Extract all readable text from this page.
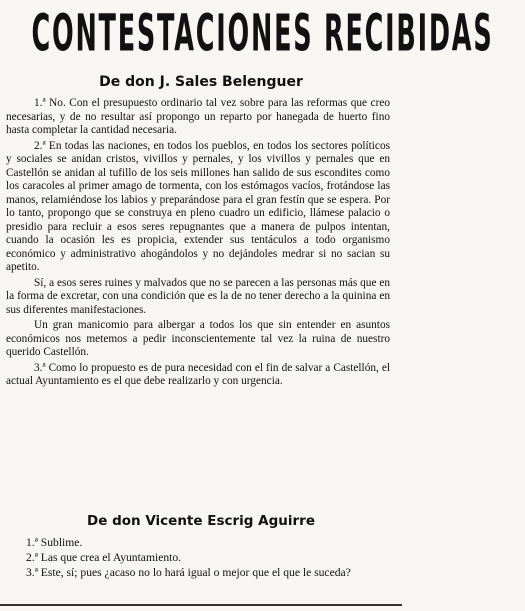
CONTESTACIONES RECIBIDAS
De don J. Sales Belenguer

1.ª No. Con el presupuesto ordinario tal vez sobre para las reformas que creo necesarias, y de no resultar así propongo un reparto por hanegada de huerto fino hasta completar la cantidad necesaria.

2.ª En todas las naciones, en todos los pueblos, en todos los sectores políticos y sociales se anidan cristos, vivillos y pernales, y los vivillos y pernales que en Castellón se anidan al tufillo de los seis millones han salido de sus escondites como los caracoles al primer amago de tormenta, con los estómagos vacíos, frotándose las manos, relamiéndose los labios y preparándose para el gran festín que se espera. Por lo tanto, propongo que se construya en pleno cuadro un edificio, llámese palacio o presidio para recluir a esos seres repugnantes que a manera de pulpos intentan, cuando la ocasión les es propicia, extender sus tentáculos a todo organismo económico y administrativo ahogándolos y no dejándoles medrar si no sacian su apetito.

Sí, a esos seres ruines y malvados que no se parecen a las personas más que en la forma de excretar, con una condición que es la de no tener derecho a la quinina en sus diferentes manifestaciones.

Un gran manicomio para albergar a todos los que sin entender en asuntos económicos nos metemos a pedir inconscientemente tal vez la ruina de nuestro querido Castellón.

3.ª Como lo propuesto es de pura necesidad con el fin de salvar a Castellón, el actual Ayuntamiento es el que debe realizarlo y con urgencia.

De don Vicente Escrig Aguirre

1.ª Sublime.

2.ª Las que crea el Ayuntamiento.

3.ª Este, sí; pues ¿acaso no lo hará igual o mejor que el que le suceda?
